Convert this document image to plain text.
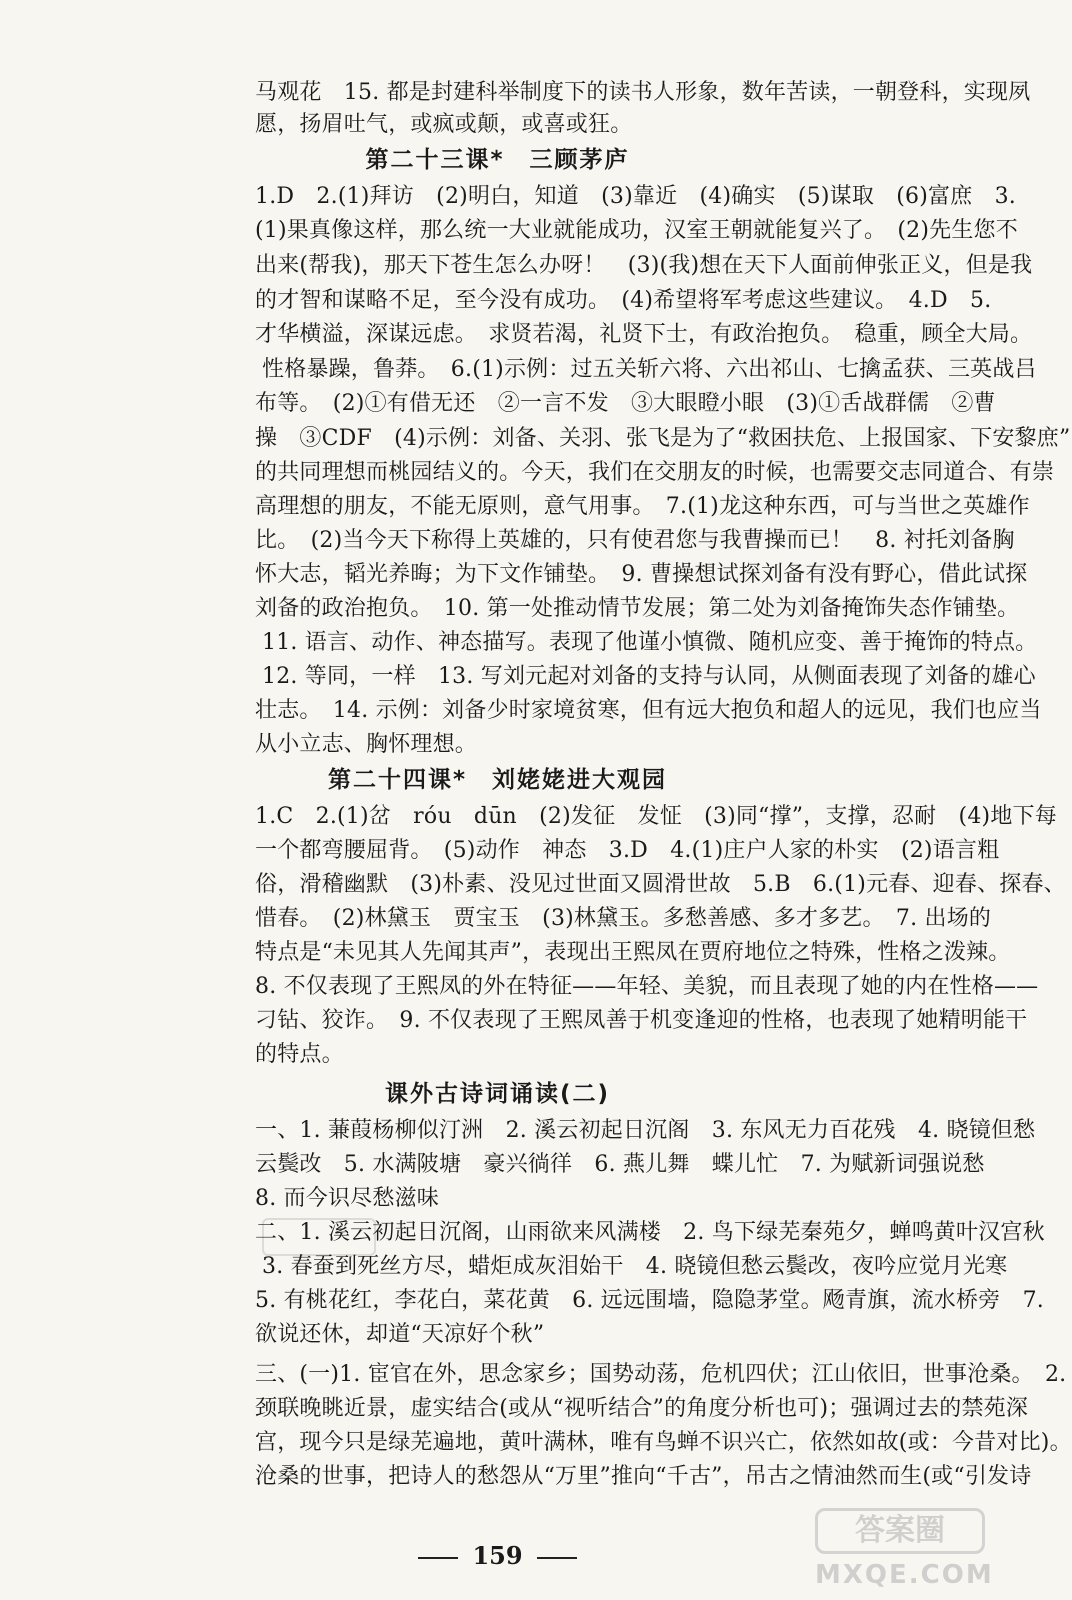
马观花　15. 都是封建科举制度下的读书人形象，数年苦读，一朝登科，实现夙
愿，扬眉吐气，或疯或颠，或喜或狂。
第二十三课*　三顾茅庐
1.D　2.(1)拜访　(2)明白，知道　(3)靠近　(4)确实　(5)谋取　(6)富庶　3.
(1)果真像这样，那么统一大业就能成功，汉室王朝就能复兴了。　(2)先生您不
出来(帮我)，那天下苍生怎么办呀！　(3)(我)想在天下人面前伸张正义，但是我
的才智和谋略不足，至今没有成功。　(4)希望将军考虑这些建议。　4.D　5.
才华横溢，深谋远虑。　求贤若渴，礼贤下士，有政治抱负。　稳重，顾全大局。
性格暴躁，鲁莽。　6.(1)示例：过五关斩六将、六出祁山、七擒孟获、三英战吕
布等。　(2)①有借无还　②一言不发　③大眼瞪小眼　(3)①舌战群儒　②曹
操　③CDF　(4)示例：刘备、关羽、张飞是为了“救困扶危、上报国家、下安黎庶”
的共同理想而桃园结义的。今天，我们在交朋友的时候，也需要交志同道合、有崇
高理想的朋友，不能无原则，意气用事。　7.(1)龙这种东西，可与当世之英雄作
比。　(2)当今天下称得上英雄的，只有使君您与我曹操而已！　8. 衬托刘备胸
怀大志，韬光养晦；为下文作铺垫。　9. 曹操想试探刘备有没有野心，借此试探
刘备的政治抱负。　10. 第一处推动情节发展；第二处为刘备掩饰失态作铺垫。
11. 语言、动作、神态描写。表现了他谨小慎微、随机应变、善于掩饰的特点。
12. 等同，一样　13. 写刘元起对刘备的支持与认同，从侧面表现了刘备的雄心
壮志。　14. 示例：刘备少时家境贫寒，但有远大抱负和超人的远见，我们也应当
从小立志、胸怀理想。
第二十四课*　刘姥姥进大观园
1.C　2.(1)岔　róu　dūn　(2)发征　发怔　(3)同“撑”，支撑，忍耐　(4)地下每
一个都弯腰屈背。　(5)动作　神态　3.D　4.(1)庄户人家的朴实　(2)语言粗
俗，滑稽幽默　(3)朴素、没见过世面又圆滑世故　5.B　6.(1)元春、迎春、探春、
惜春。　(2)林黛玉　贾宝玉　(3)林黛玉。多愁善感、多才多艺。　7. 出场的
特点是“未见其人先闻其声”，表现出王熙凤在贾府地位之特殊，性格之泼辣。
8. 不仅表现了王熙凤的外在特征——年轻、美貌，而且表现了她的内在性格——
刁钻、狡诈。　9. 不仅表现了王熙凤善于机变逢迎的性格，也表现了她精明能干
的特点。
课外古诗词诵读(二)
一、1. 蒹葭杨柳似汀洲　2. 溪云初起日沉阁　3. 东风无力百花残　4. 晓镜但愁
云鬓改　5. 水满陂塘　豪兴徜徉　6. 燕儿舞　蝶儿忙　7. 为赋新词强说愁
8. 而今识尽愁滋味
二、1. 溪云初起日沉阁，山雨欲来风满楼　2. 鸟下绿芜秦苑夕，蝉鸣黄叶汉宫秋
3. 春蚕到死丝方尽，蜡炬成灰泪始干　4. 晓镜但愁云鬓改，夜吟应觉月光寒
5. 有桃花红，李花白，菜花黄　6. 远远围墙，隐隐茅堂。飏青旗，流水桥旁　7.
欲说还休，却道“天凉好个秋”
三、(一)1. 宦官在外，思念家乡；国势动荡，危机四伏；江山依旧，世事沧桑。　2.
颈联晚眺近景，虚实结合(或从“视听结合”的角度分析也可)；强调过去的禁苑深
宫，现今只是绿芜遍地，黄叶满林，唯有鸟蝉不识兴亡，依然如故(或：今昔对比)。
沧桑的世事，把诗人的愁怨从“万里”推向“千古”，吊古之情油然而生(或“引发诗
159
答案圈
MXQE.COM
